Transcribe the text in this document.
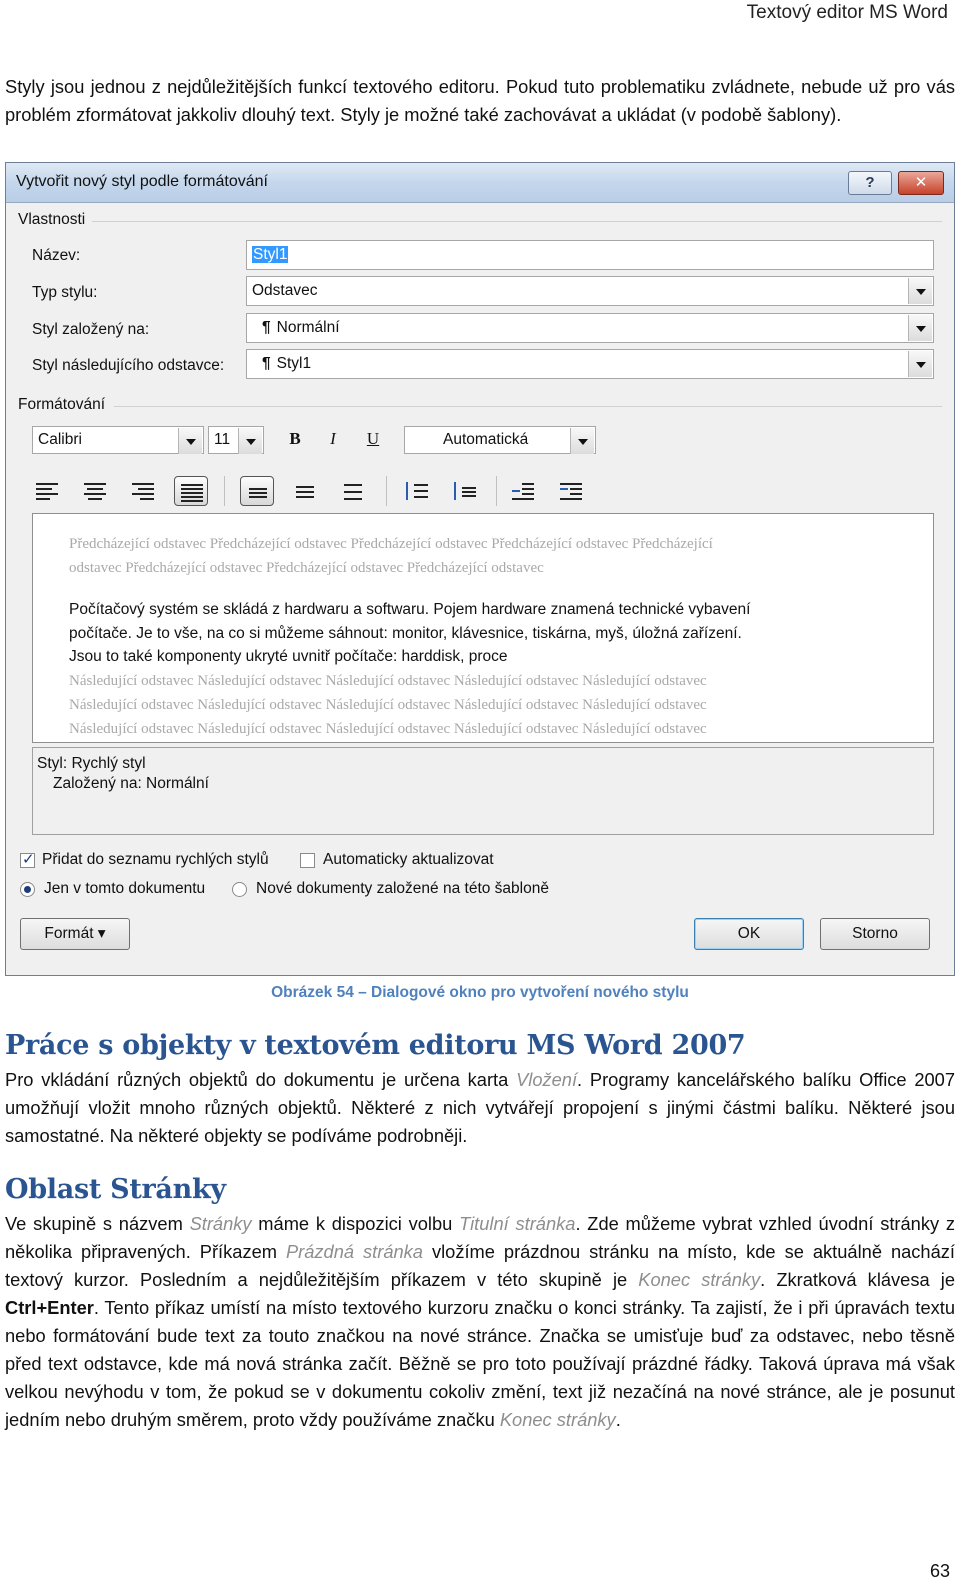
Textový editor MS Word

Styly jsou jednou z nejdůležitějších funkcí textového editoru. Pokud tuto problematiku zvládnete, nebude už pro vás problém zformátovat jakkoliv dlouhý text. Styly je možné také zachovávat a ukládat (v podobě šablony).

Vytvořit nový styl podle formátování	?	✕
Vlastnosti
Název:	Styl1
Typ stylu:	Odstavec
Styl založený na:	¶ Normální
Styl následujícího odstavce:	¶ Styl1
Formátování
Calibri	11	B	I	U	Automatická
Předcházející odstavec Předcházející odstavec Předcházející odstavec Předcházející odstavec Předcházející
odstavec Předcházející odstavec Předcházející odstavec Předcházející odstavec
Počítačový systém se skládá z hardwaru a softwaru. Pojem hardware znamená technické vybavení
počítače. Je to vše, na co si můžeme sáhnout: monitor, klávesnice, tiskárna, myš, úložná zařízení.
Jsou to také komponenty ukryté uvnitř počítače: harddisk, proce
Následující odstavec Následující odstavec Následující odstavec Následující odstavec Následující odstavec
Následující odstavec Následující odstavec Následující odstavec Následující odstavec Následující odstavec
Následující odstavec Následující odstavec Následující odstavec Následující odstavec Následující odstavec
Styl: Rychlý styl
Založený na: Normální
✓
Přidat do seznamu rychlých stylů	Automaticky aktualizovat
Jen v tomto dokumentu	Nové dokumenty založené na této šabloně
Formát ▾	OK	Storno
Obrázek 54 – Dialogové okno pro vytvoření nového stylu
Práce s objekty v textovém editoru MS Word 2007

Pro vkládání různých objektů do dokumentu je určena karta Vložení. Programy kancelářského balíku Office 2007 umožňují vložit mnoho různých objektů. Některé z nich vytvářejí propojení s jinými částmi balíku. Některé jsou samostatné. Na některé objekty se podíváme podrobněji.

Oblast Stránky

Ve skupině s názvem Stránky máme k dispozici volbu Titulní stránka. Zde můžeme vybrat vzhled úvodní stránky z několika připravených. Příkazem Prázdná stránka vložíme prázdnou stránku na místo, kde se aktuálně nachází textový kurzor. Posledním a nejdůležitějším příkazem v této skupině je Konec stránky. Zkratková klávesa je Ctrl+Enter. Tento příkaz umístí na místo textového kurzoru značku o konci stránky. Ta zajistí, že i při úpravách textu nebo formátování bude text za touto značkou na nové stránce. Značka se umisťuje buď za odstavec, nebo těsně před text odstavce, kde má nová stránka začít. Běžně se pro toto používají prázdné řádky. Taková úprava má však velkou nevýhodu v tom, že pokud se v dokumentu cokoliv změní, text již nezačíná na nové stránce, ale je posunut jedním nebo druhým směrem, proto vždy používáme značku Konec stránky.

63
